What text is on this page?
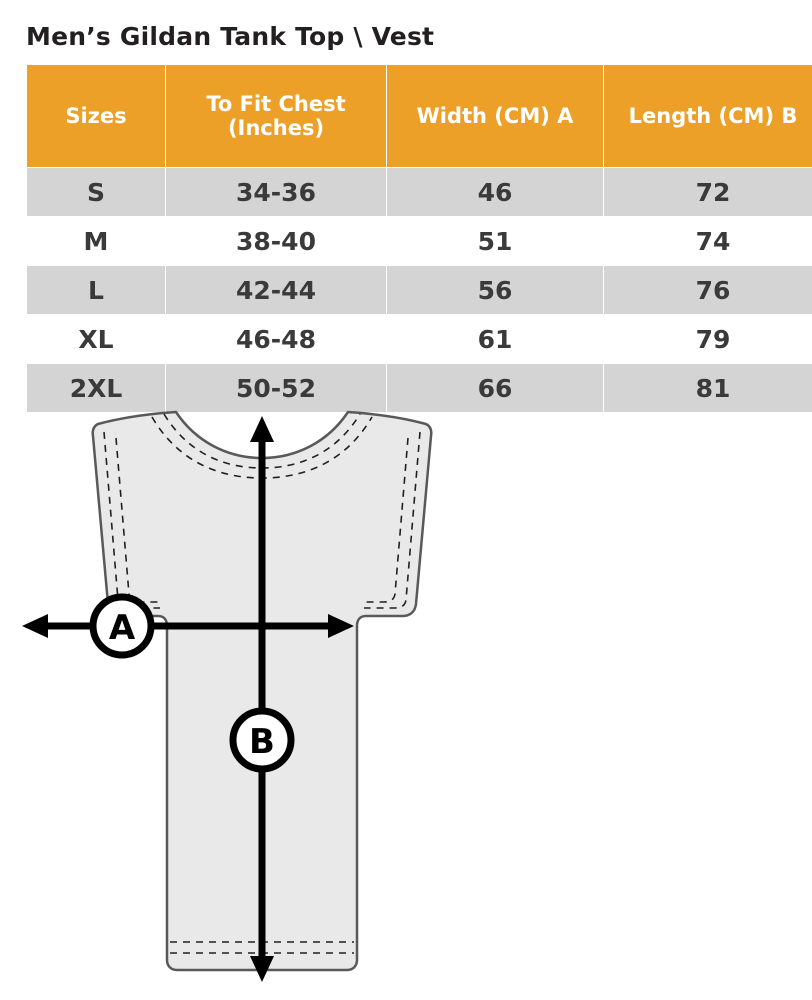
Men’s Gildan Tank Top \ Vest
Sizes	To Fit Chest (Inches)	Width (CM) A	Length (CM) B
S	34-36	46	72
M	38-40	51	74
L	42-44	56	76
XL	46-48	61	79
2XL	50-52	66	81
A
B
